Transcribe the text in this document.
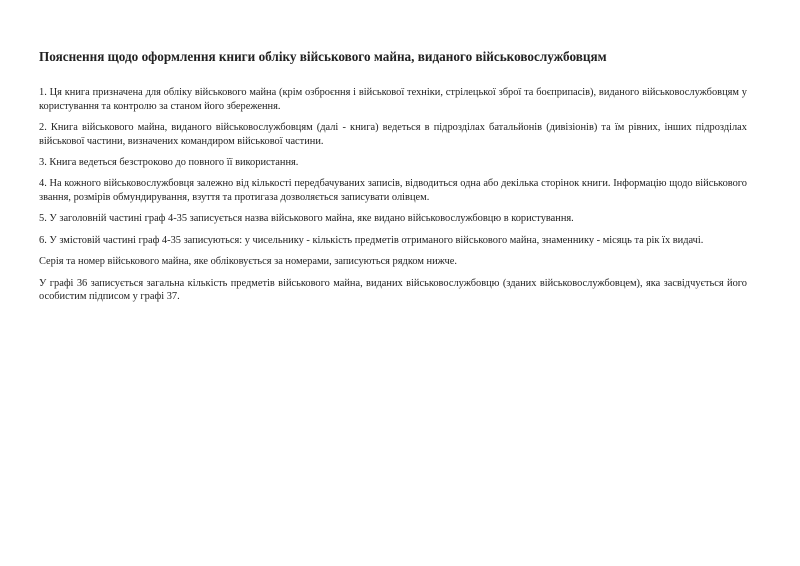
Пояснення щодо оформлення книги обліку військового майна, виданого військовослужбовцям

1. Ця книга призначена для обліку військового майна (крім озброєння і військової техніки, стрілецької зброї та боєприпасів), виданого військовослужбовцям у користування та контролю за станом його збереження.

2. Книга військового майна, виданого військовослужбовцям (далі - книга) ведеться в підрозділах батальйонів (дивізіонів) та їм рівних, інших підрозділах військової частини, визначених командиром військової частини.

3. Книга ведеться безстроково до повного її використання.

4. На кожного військовослужбовця залежно від кількості передбачуваних записів, відводиться одна або декілька сторінок книги. Інформацію щодо військового звання, розмірів обмундирування, взуття та протигаза дозволяється записувати олівцем.

5. У заголовній частині граф 4-35 записується назва військового майна, яке видано військовослужбовцю в користування.

6. У змістовій частині граф 4-35 записуються: у чисельнику - кількість предметів отриманого військового майна, знаменнику - місяць та рік їх видачі.

Серія та номер військового майна, яке обліковується за номерами, записуються рядком нижче.

У графі 36 записується загальна кількість предметів військового майна, виданих військовослужбовцю (зданих військовослужбовцем), яка засвідчується його особистим підписом у графі 37.
